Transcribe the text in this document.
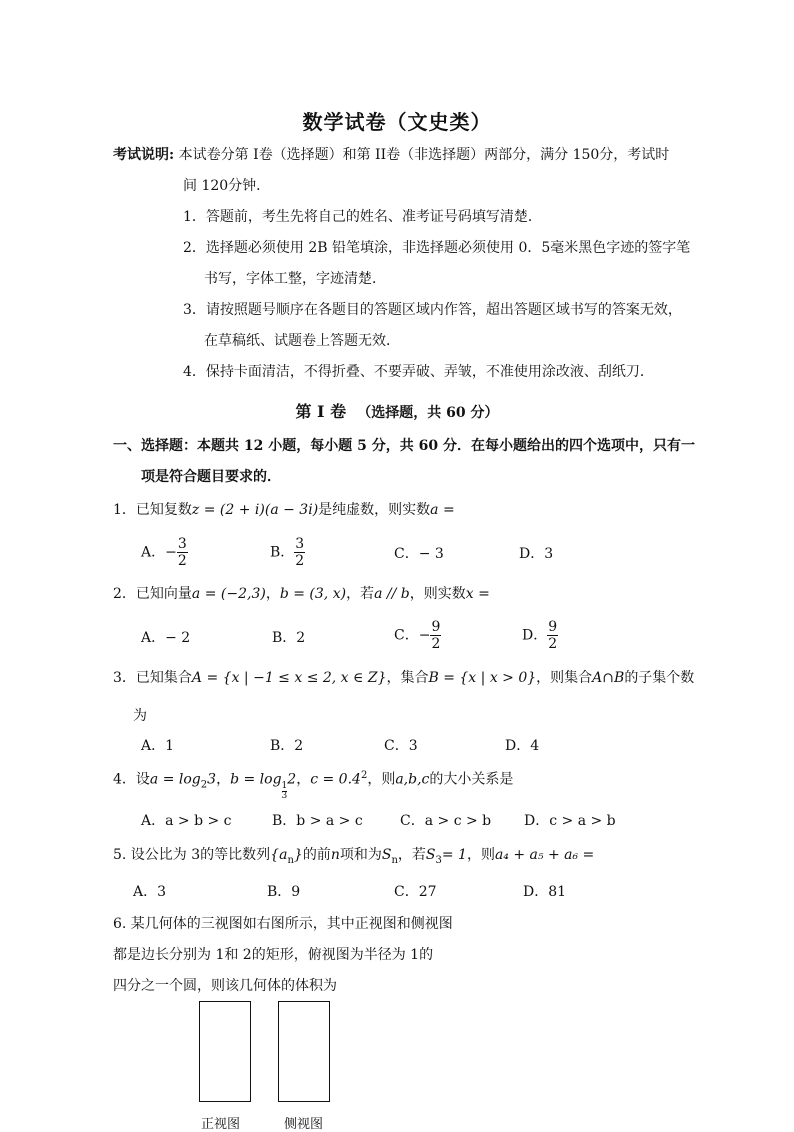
数学试卷（文史类）
考试说明: 本试卷分第 I卷（选择题）和第 II卷（非选择题）两部分，满分 150分，考试时
间 120分钟．
1．答题前，考生先将自己的姓名、准考证号码填写清楚．
2．选择题必须使用 2B 铅笔填涂，非选择题必须使用 0．5毫米黑色字迹的签字笔
书写，字体工整，字迹清楚．
3．请按照题号顺序在各题目的答题区域内作答，超出答题区域书写的答案无效，
在草稿纸、试题卷上答题无效．
4．保持卡面清洁，不得折叠、不要弄破、弄皱，不准使用涂改液、刮纸刀．
第 I 卷 （选择题，共 60 分）
一、选择题：本题共 12 小题，每小题 5 分，共 60 分．在每小题给出的四个选项中，只有一
项是符合题目要求的．
1．已知复数z = (2 + i)(a − 3i)是纯虚数，则实数a =
A．− $\frac{3}{2}$	B． $\frac{3}{2}$	C．− 3	D．3
2．已知向量a = (−2,3)，b = (3, x)，若a // b，则实数x =
A．− 2	B．2	C．− $\frac{9}{2}$	D． $\frac{9}{2}$
3．已知集合A = {x | −1 ≤ x ≤ 2, x ∈ Z}，集合B = {x | x > 0}，则集合A∩B的子集个数
为
A．1	B．2	C．3	D．4
4．设$a = \log_23$，b = log
$\frac{1}{3}$
2，$c = 0.4^2$，则a,b,c的大小关系是
A．a > b > c	B．b > a > c	C．a > c > b D．c > a > b
5. 设公比为 3的等比数列$\{a_n\}$的前n项和为$S_n$，若$S_3= 1$，则a₄ + a₅ + a₆ =
A．3	B．9	C．27	D．81
6. 某几何体的三视图如右图所示，其中正视图和侧视图
都是边长分别为 1和 2的矩形，俯视图为半径为 1的
四分之一个圆，则该几何体的体积为
正视图	侧视图
